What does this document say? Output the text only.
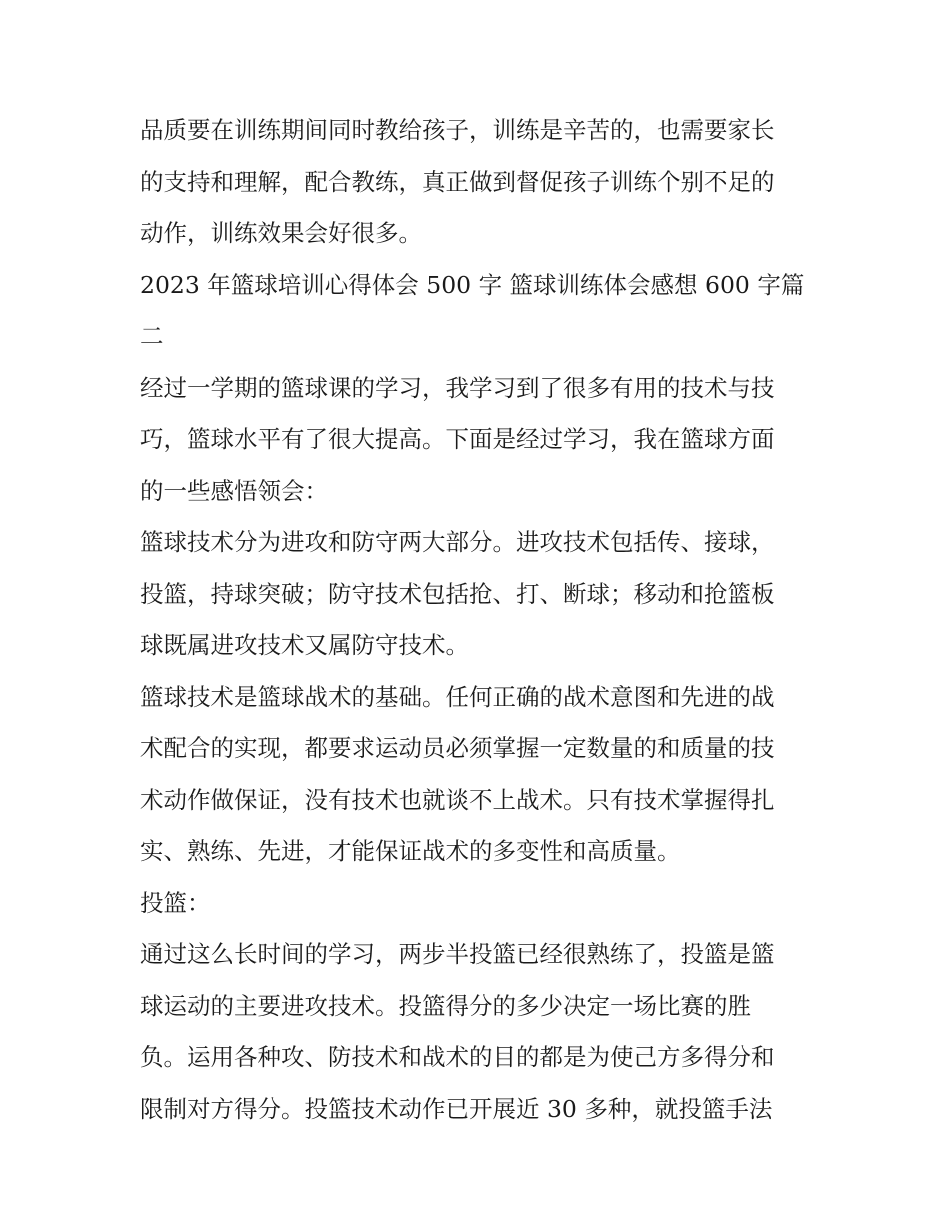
品质要在训练期间同时教给孩子，训练是辛苦的，也需要家长
的支持和理解，配合教练，真正做到督促孩子训练个别不足的
动作，训练效果会好很多。
2023 年篮球培训心得体会 500 字 篮球训练体会感想 600 字篇
二
经过一学期的篮球课的学习，我学习到了很多有用的技术与技
巧，篮球水平有了很大提高。下面是经过学习，我在篮球方面
的一些感悟领会：
篮球技术分为进攻和防守两大部分。进攻技术包括传、接球，
投篮，持球突破；防守技术包括抢、打、断球；移动和抢篮板
球既属进攻技术又属防守技术。
篮球技术是篮球战术的基础。任何正确的战术意图和先进的战
术配合的实现，都要求运动员必须掌握一定数量的和质量的技
术动作做保证，没有技术也就谈不上战术。只有技术掌握得扎
实、熟练、先进，才能保证战术的多变性和高质量。
投篮：
通过这么长时间的学习，两步半投篮已经很熟练了，投篮是篮
球运动的主要进攻技术。投篮得分的多少决定一场比赛的胜
负。运用各种攻、防技术和战术的目的都是为使己方多得分和
限制对方得分。投篮技术动作已开展近 30 多种，就投篮手法
